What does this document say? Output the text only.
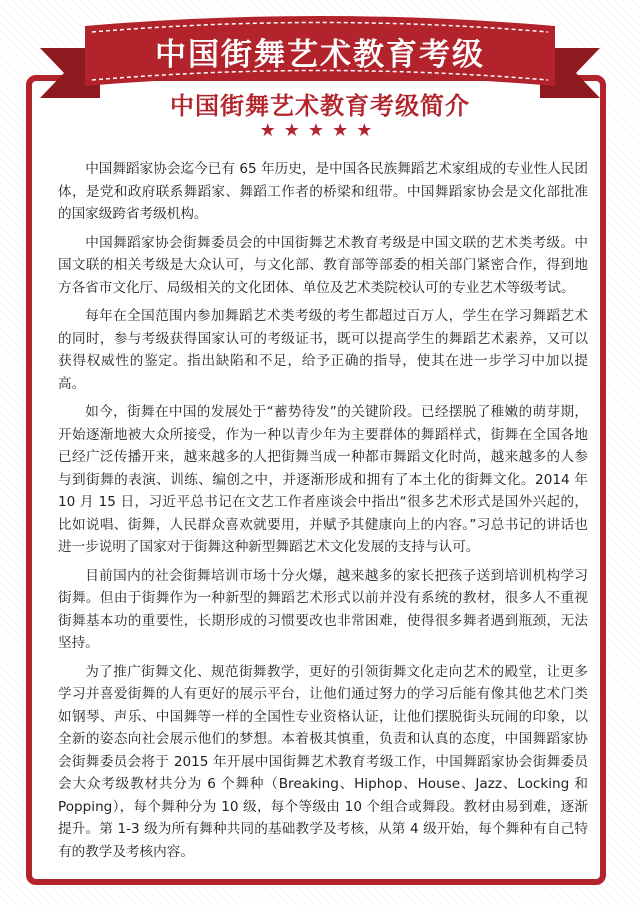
中国街舞艺术教育考级
中国街舞艺术教育考级简介
★★★★★

中国舞蹈家协会迄今已有 65 年历史，是中国各民族舞蹈艺术家组成的专业性人民团体，是党和政府联系舞蹈家、舞蹈工作者的桥梁和纽带。中国舞蹈家协会是文化部批准的国家级跨省考级机构。

中国舞蹈家协会街舞委员会的中国街舞艺术教育考级是中国文联的艺术类考级。中国文联的相关考级是大众认可，与文化部、教育部等部委的相关部门紧密合作，得到地方各省市文化厅、局级相关的文化团体、单位及艺术类院校认可的专业艺术等级考试。

每年在全国范围内参加舞蹈艺术类考级的考生都超过百万人，学生在学习舞蹈艺术的同时，参与考级获得国家认可的考级证书，既可以提高学生的舞蹈艺术素养，又可以获得权威性的鉴定。指出缺陷和不足，给予正确的指导，使其在进一步学习中加以提高。

如今，街舞在中国的发展处于“蓄势待发”的关键阶段。已经摆脱了稚嫩的萌芽期，开始逐渐地被大众所接受，作为一种以青少年为主要群体的舞蹈样式，街舞在全国各地已经广泛传播开来，越来越多的人把街舞当成一种都市舞蹈文化时尚，越来越多的人参与到街舞的表演、训练、编创之中，并逐渐形成和拥有了本土化的街舞文化。2014 年 10 月 15 日，习近平总书记在文艺工作者座谈会中指出“很多艺术形式是国外兴起的，比如说唱、街舞，人民群众喜欢就要用，并赋予其健康向上的内容。”习总书记的讲话也进一步说明了国家对于街舞这种新型舞蹈艺术文化发展的支持与认可。

目前国内的社会街舞培训市场十分火爆，越来越多的家长把孩子送到培训机构学习街舞。但由于街舞作为一种新型的舞蹈艺术形式以前并没有系统的教材，很多人不重视街舞基本功的重要性，长期形成的习惯要改也非常困难，使得很多舞者遇到瓶颈，无法坚持。

为了推广街舞文化、规范街舞教学，更好的引领街舞文化走向艺术的殿堂，让更多学习并喜爱街舞的人有更好的展示平台，让他们通过努力的学习后能有像其他艺术门类如钢琴、声乐、中国舞等一样的全国性专业资格认证，让他们摆脱街头玩闹的印象，以全新的姿态向社会展示他们的梦想。本着极其慎重，负责和认真的态度，中国舞蹈家协会街舞委员会将于 2015 年开展中国街舞艺术教育考级工作，中国舞蹈家协会街舞委员会大众考级教材共分为 6 个舞种（Breaking、Hiphop、House、Jazz、Locking 和 Popping），每个舞种分为 10 级，每个等级由 10 个组合或舞段。教材由易到难，逐渐提升。第 1-3 级为所有舞种共同的基础教学及考核，从第 4 级开始，每个舞种有自己特有的教学及考核内容。
